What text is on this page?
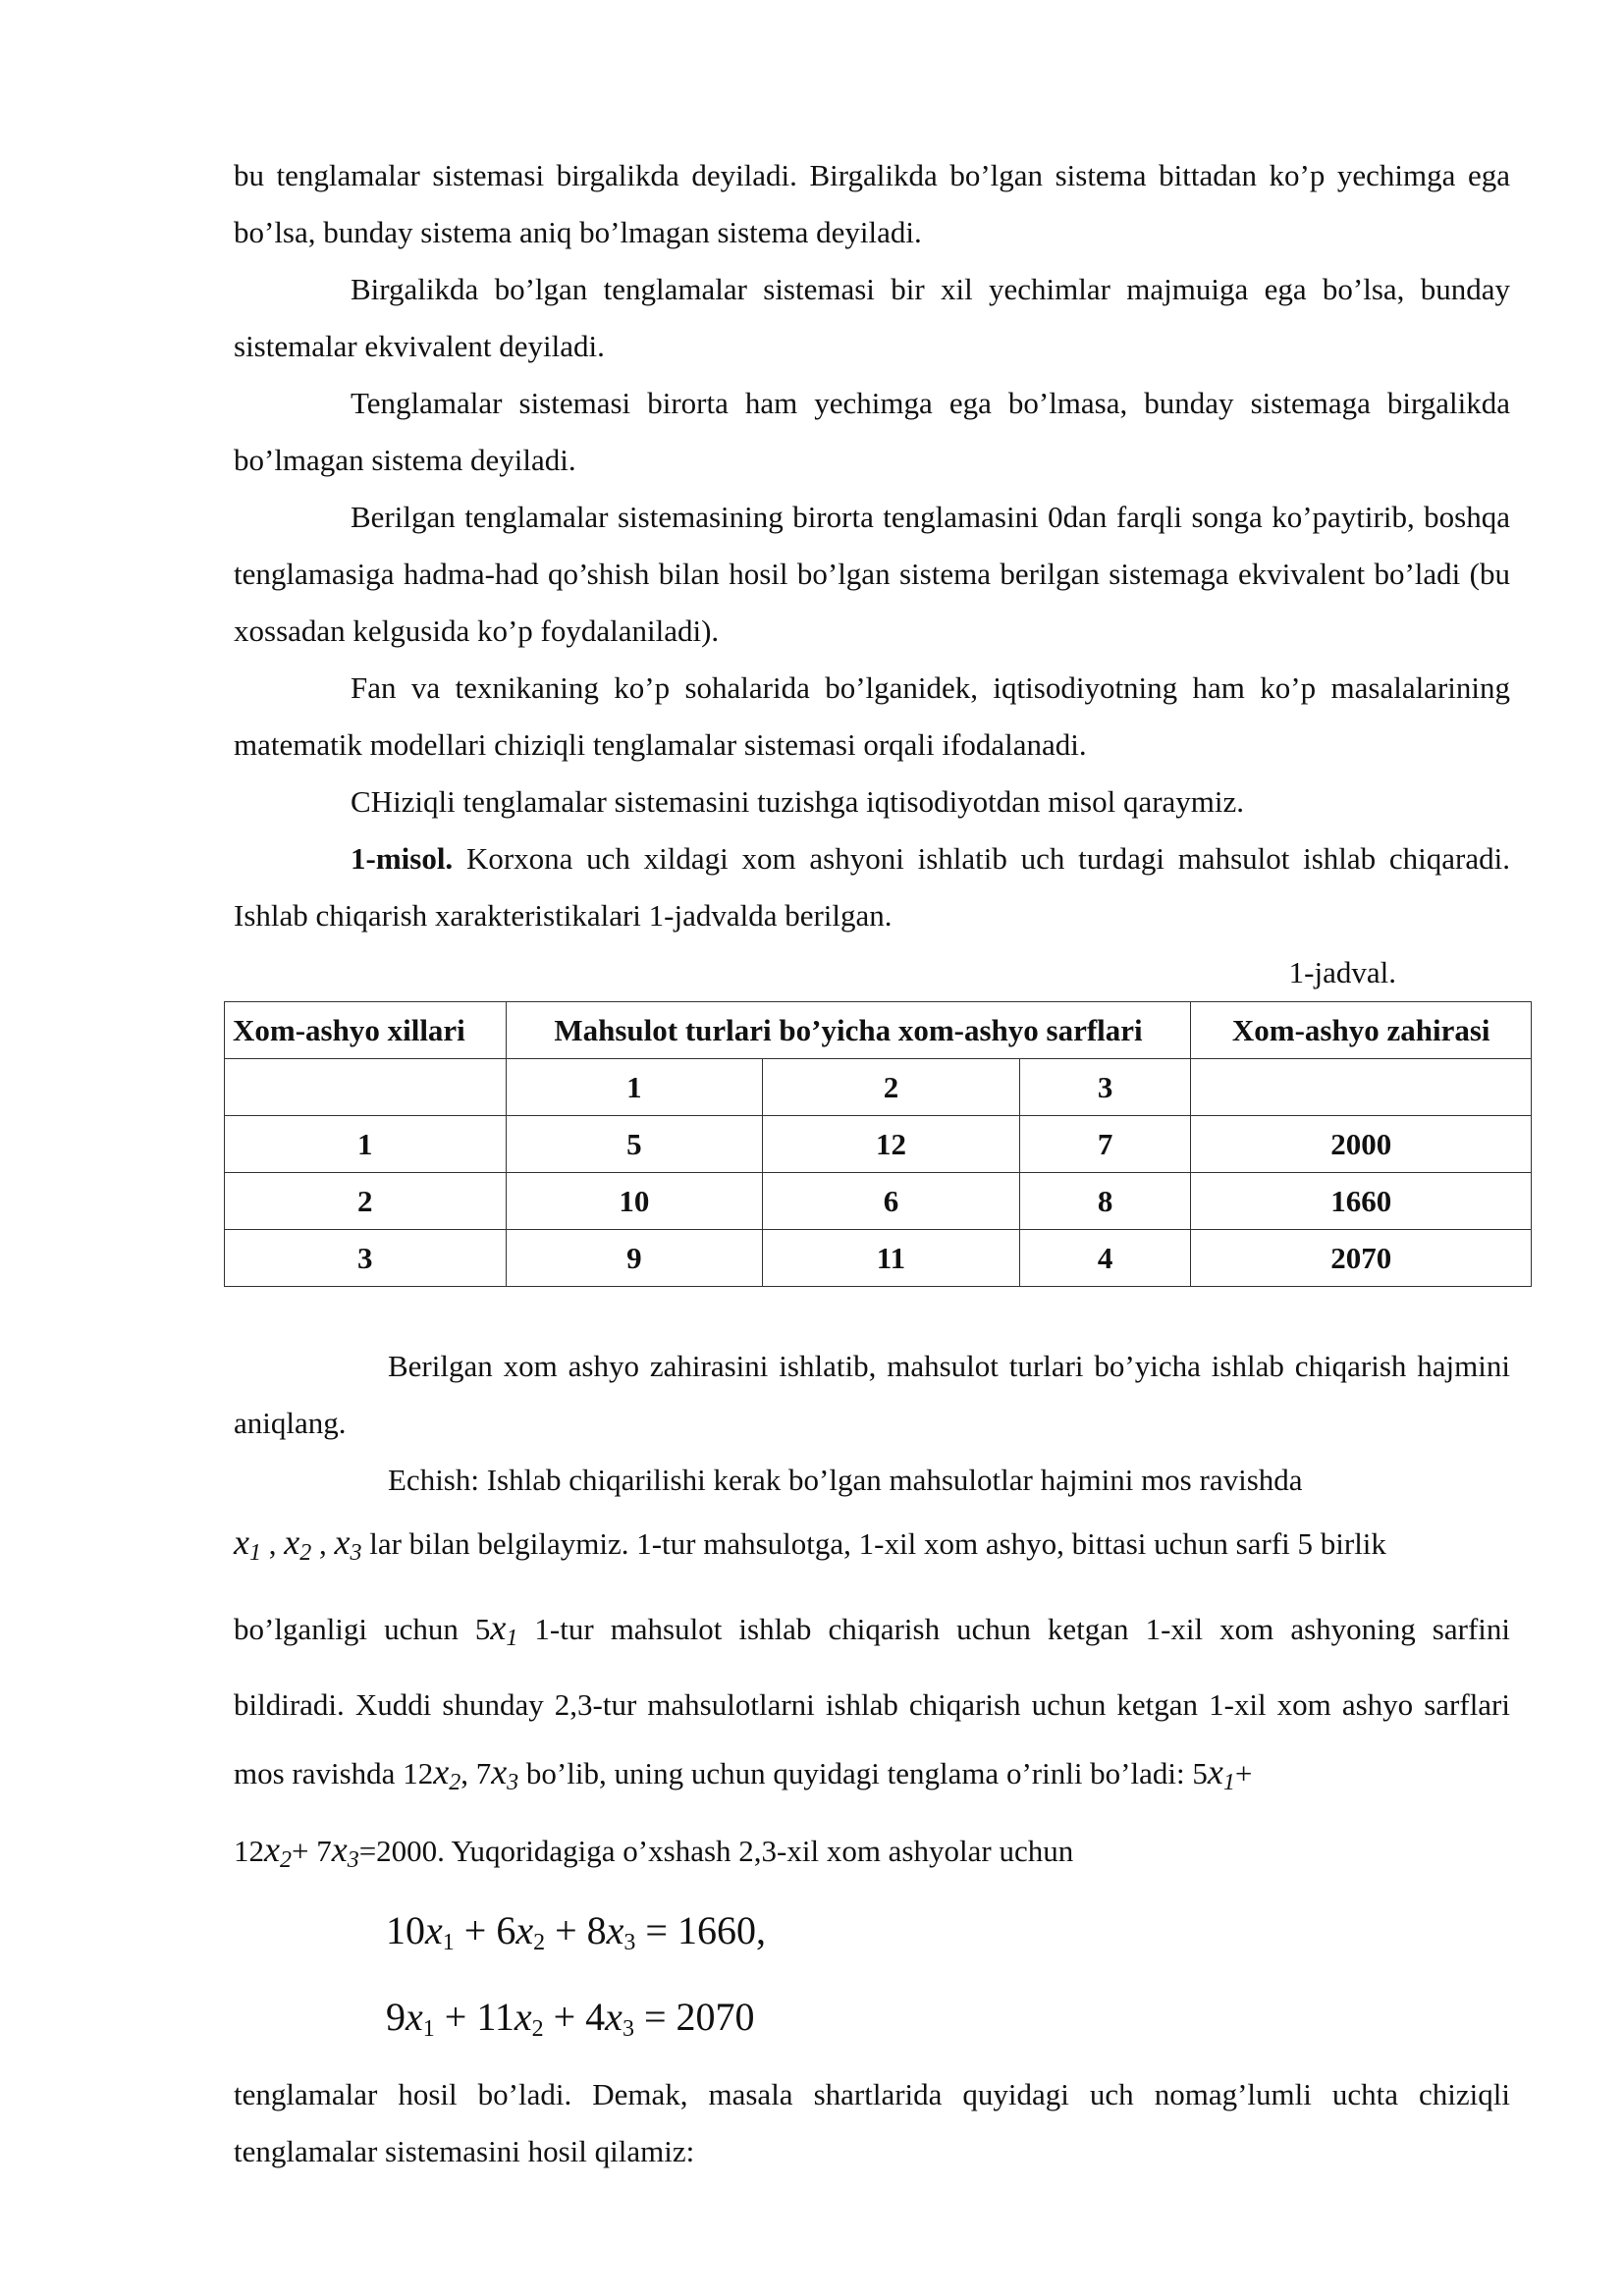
bu tenglamalar sistemasi birgalikda deyiladi. Birgalikda bo’lgan sistema bittadan ko’p yechimga ega bo’lsa, bunday sistema aniq bo’lmagan sistema deyiladi.

Birgalikda bo’lgan tenglamalar sistemasi bir xil yechimlar majmuiga ega bo’lsa, bunday sistemalar ekvivalent deyiladi.

Tenglamalar sistemasi birorta ham yechimga ega bo’lmasa, bunday sistemaga birgalikda bo’lmagan sistema deyiladi.

Berilgan tenglamalar sistemasining birorta tenglamasini 0dan farqli songa ko’paytirib, boshqa tenglamasiga hadma-had qo’shish bilan hosil bo’lgan sistema berilgan sistemaga ekvivalent bo’ladi (bu xossadan kelgusida ko’p foydalaniladi).

Fan va texnikaning ko’p sohalarida bo’lganidek, iqtisodiyotning ham ko’p masalalarining matematik modellari chiziqli tenglamalar sistemasi orqali ifodalanadi.

CHiziqli tenglamalar sistemasini tuzishga iqtisodiyotdan misol qaraymiz.

1-misol. Korxona uch xildagi xom ashyoni ishlatib uch turdagi mahsulot ishlab chiqaradi. Ishlab chiqarish xarakteristikalari 1-jadvalda berilgan.

1-jadval.
Xom-ashyo xillari	Mahsulot turlari bo’yicha xom-ashyo sarflari			Xom-ashyo zahirasi
	1	2	3	
1	5	12	7	2000
2	10	6	8	1660
3	9	11	4	2070

Berilgan xom ashyo zahirasini ishlatib, mahsulot turlari bo’yicha ishlab chiqarish hajmini aniqlang.

Echish: Ishlab chiqarilishi kerak bo’lgan mahsulotlar hajmini mos ravishda

$x_1$ , $x_2$ , $x_3$ lar bilan belgilaymiz. 1-tur mahsulotga, 1-xil xom ashyo, bittasi uchun sarfi 5 birlik

bo’lganligi uchun $5x_1$ 1-tur mahsulot ishlab chiqarish uchun ketgan 1-xil xom ashyoning sarfini bildiradi. Xuddi shunday 2,3-tur mahsulotlarni ishlab chiqarish uchun ketgan 1-xil xom ashyo sarflari mos ravishda $12x_2$, $7x_3$ bo’lib, uning uchun quyidagi tenglama o’rinli bo’ladi: $5x_1+$
$12x_2+ 7x_3=2000$. Yuqoridagiga o’xshash 2,3-xil xom ashyolar uchun

$10x_1 + 6x_2 + 8x_3 = 1660$,
$9x_1 + 11x_2 + 4x_3 = 2070$

tenglamalar hosil bo’ladi. Demak, masala shartlarida quyidagi uch nomag’lumli uchta chiziqli tenglamalar sistemasini hosil qilamiz:
